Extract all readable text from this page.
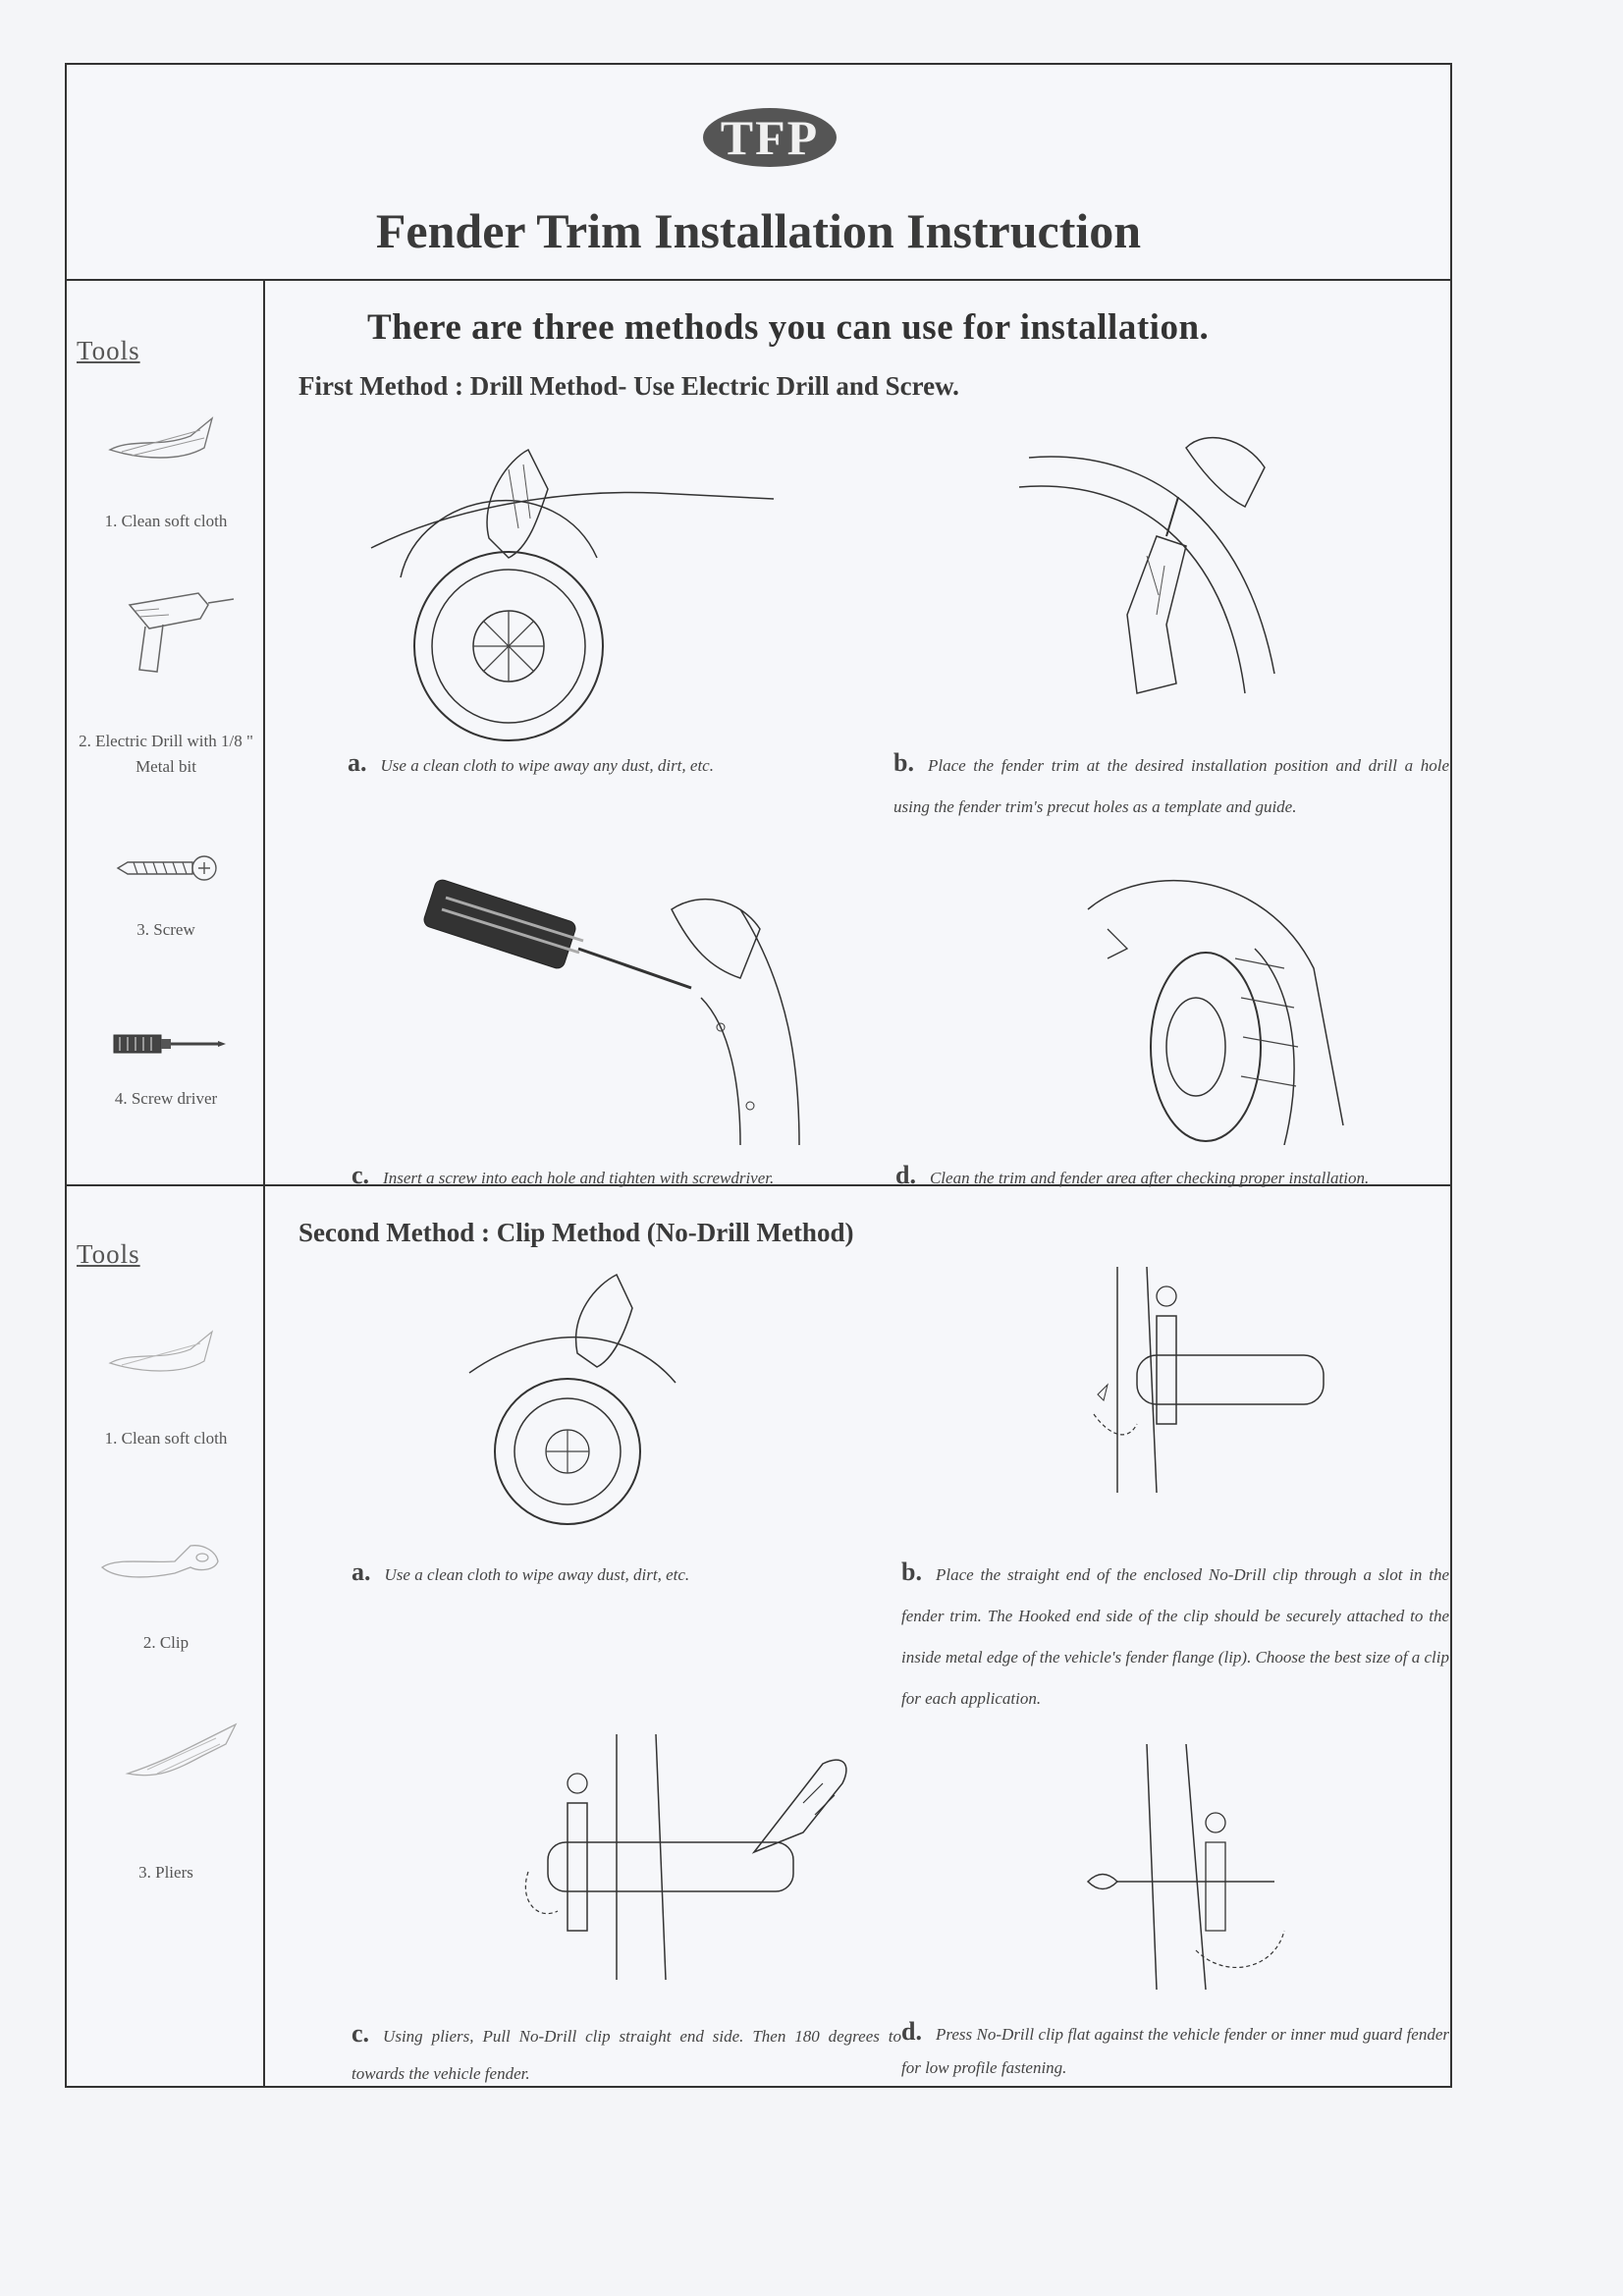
TFP
Fender Trim Installation Instruction
Tools
1. Clean soft cloth
2. Electric Drill with 1/8 " Metal bit
3. Screw
4. Screw driver
Tools
1. Clean soft cloth
2. Clip
3. Pliers
There are three methods you can use for installation.
First Method : Drill Method- Use Electric Drill and Screw.
a. Use a clean cloth to wipe away any dust, dirt, etc.	b. Place the fender trim at the desired installation position and drill a hole using the fender trim's precut holes as a template and guide.
c. Insert a screw into each hole and tighten with screwdriver.	d. Clean the trim and fender area after checking proper installation.
Second Method : Clip Method (No-Drill Method)
a. Use a clean cloth to wipe away dust, dirt, etc.	b. Place the straight end of the enclosed No-Drill clip through a slot in the fender trim. The Hooked end side of the clip should be securely attached to the inside metal edge of the vehicle's fender flange (lip). Choose the best size of a clip for each application.
c. Using pliers, Pull No-Drill clip straight end side. Then 180 degrees to towards the vehicle fender.
d. Press No-Drill clip flat against the vehicle fender or inner mud guard fender for low profile fastening.
